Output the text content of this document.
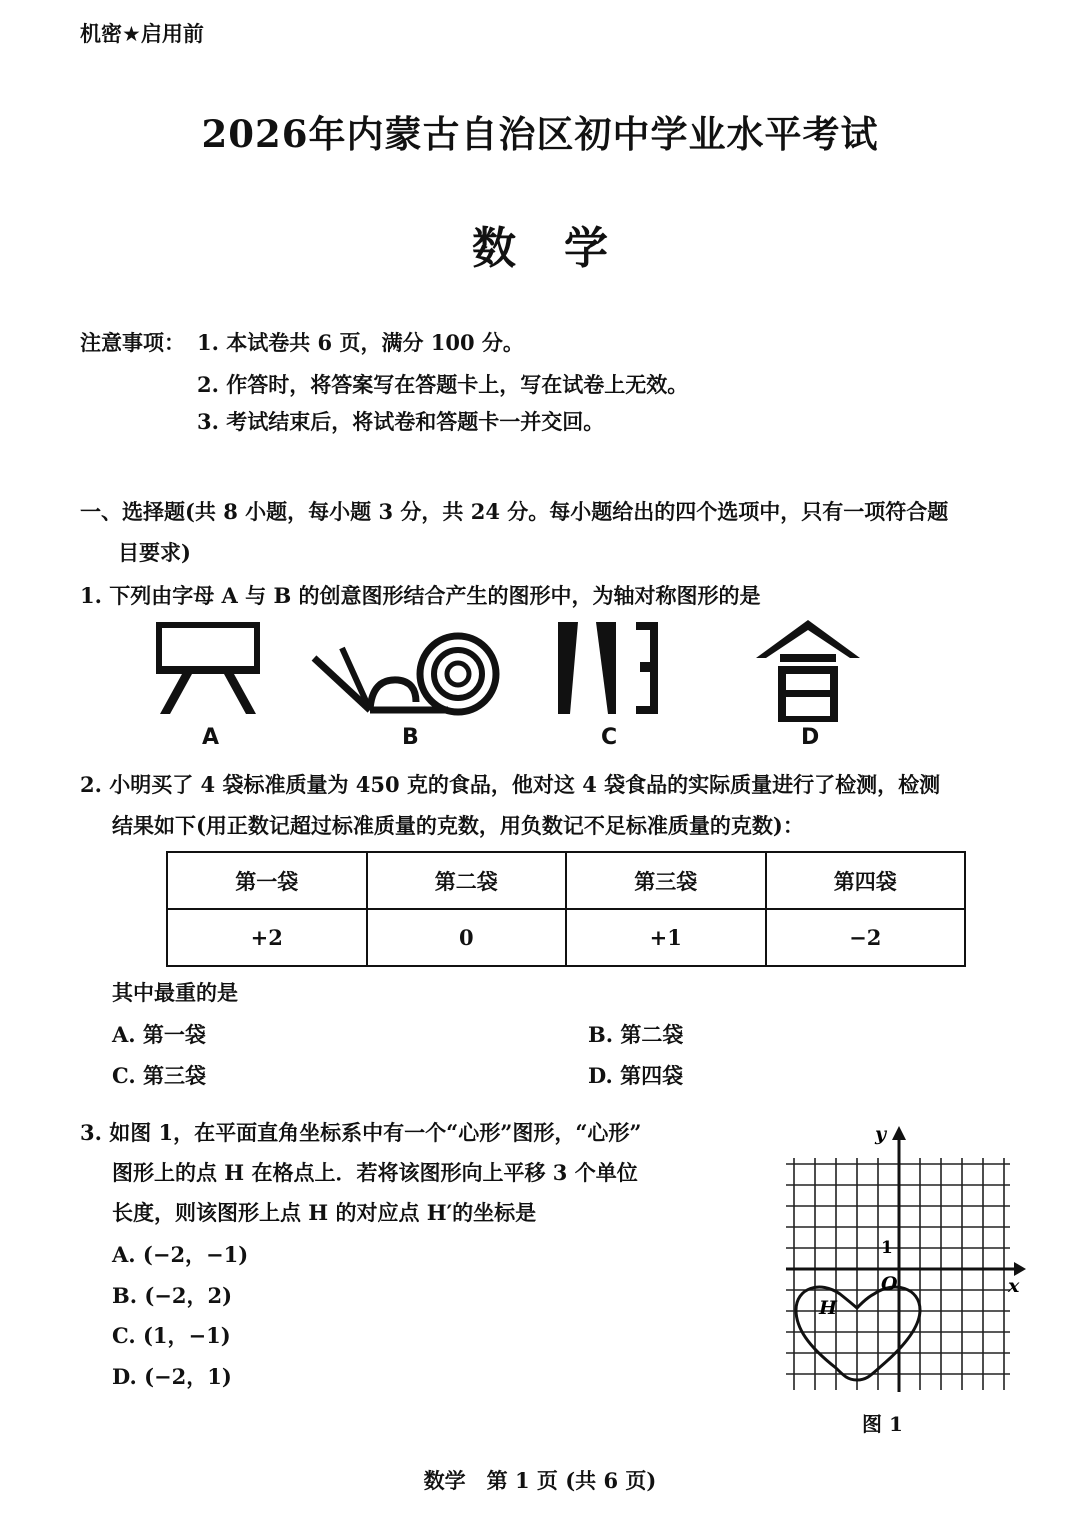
机密★启用前
2026年内蒙古自治区初中学业水平考试
数学
注意事项： 1. 本试卷共 6 页，满分 100 分。
2. 作答时，将答案写在答题卡上，写在试卷上无效。
3. 考试结束后，将试卷和答题卡一并交回。
一、选择题(共 8 小题，每小题 3 分，共 24 分。每小题给出的四个选项中，只有一项符合题
目要求)
1. 下列由字母 A 与 B 的创意图形结合产生的图形中，为轴对称图形的是
A	B	C	D
2. 小明买了 4 袋标准质量为 450 克的食品，他对这 4 袋食品的实际质量进行了检测，检测
结果如下(用正数记超过标准质量的克数，用负数记不足标准质量的克数)：
第一袋	第二袋	第三袋	第四袋
+2	0	+1	−2
其中最重的是
A. 第一袋	B. 第二袋
C. 第三袋	D. 第四袋
3. 如图 1，在平面直角坐标系中有一个“心形”图形，“心形”
图形上的点 H 在格点上．若将该图形向上平移 3 个单位
长度，则该图形上点 H 的对应点 H′的坐标是
A. (−2，−1)
B. (−2，2)
C. (1，−1)
D. (−2，1)
O	x
y
1
H
图 1
数学　第 1 页 (共 6 页)
